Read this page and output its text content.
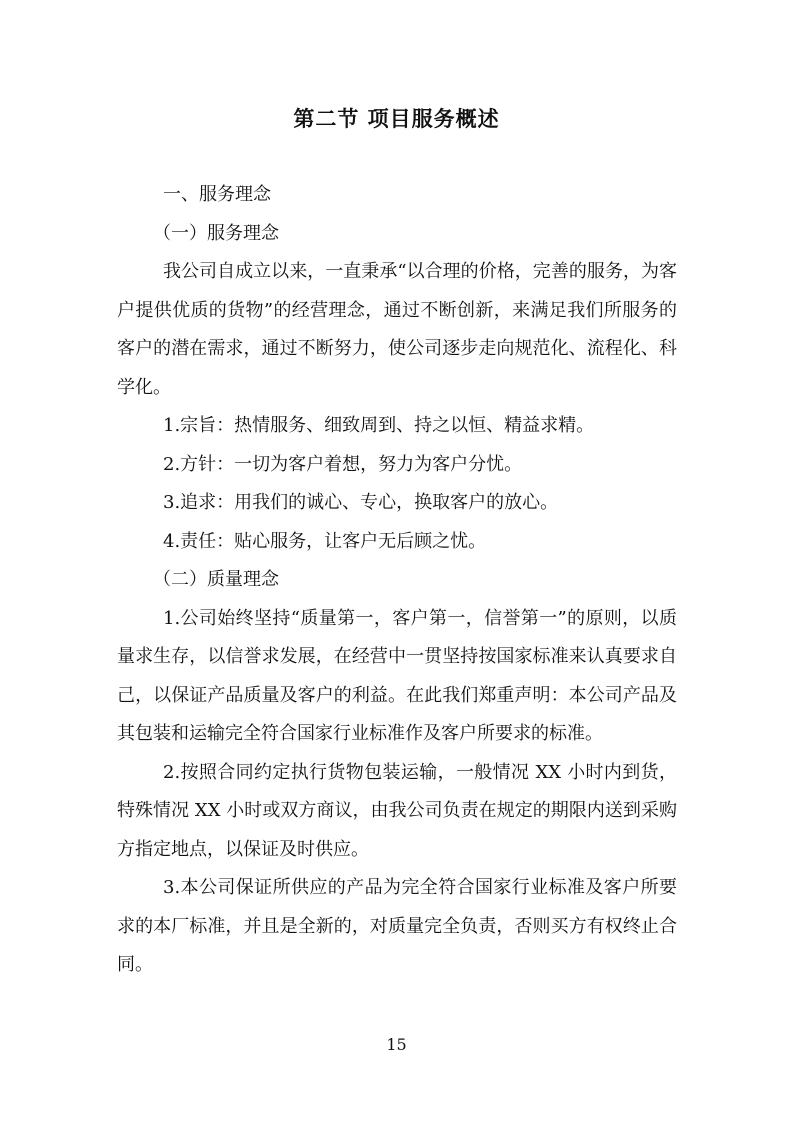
第二节 项目服务概述

一、服务理念

（一）服务理念

我公司自成立以来，一直秉承“以合理的价格，完善的服务，为客户提供优质的货物”的经营理念，通过不断创新，来满足我们所服务的客户的潜在需求，通过不断努力，使公司逐步走向规范化、流程化、科学化。

1.宗旨：热情服务、细致周到、持之以恒、精益求精。

2.方针：一切为客户着想，努力为客户分忧。

3.追求：用我们的诚心、专心，换取客户的放心。

4.责任：贴心服务，让客户无后顾之忧。

（二）质量理念

1.公司始终坚持“质量第一，客户第一，信誉第一”的原则，以质量求生存，以信誉求发展，在经营中一贯坚持按国家标准来认真要求自己，以保证产品质量及客户的利益。在此我们郑重声明：本公司产品及其包装和运输完全符合国家行业标准作及客户所要求的标准。

2.按照合同约定执行货物包装运输，一般情况 XX 小时内到货，特殊情况 XX 小时或双方商议，由我公司负责在规定的期限内送到采购方指定地点，以保证及时供应。

3.本公司保证所供应的产品为完全符合国家行业标准及客户所要求的本厂标准，并且是全新的，对质量完全负责，否则买方有权终止合同。

15
